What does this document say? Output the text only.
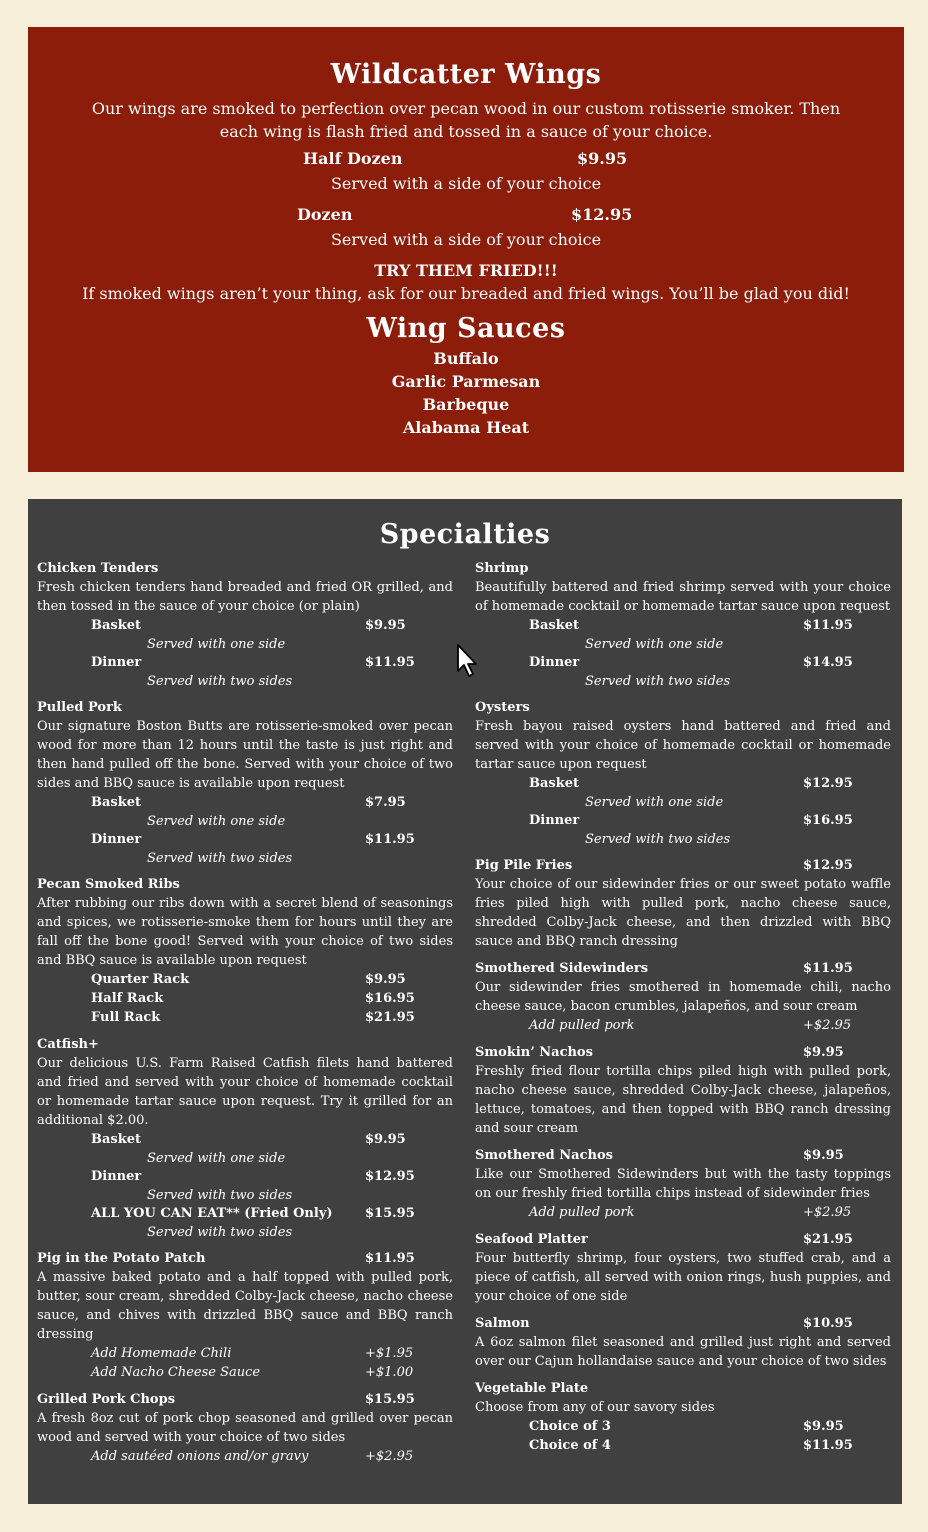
Wildcatter Wings
Our wings are smoked to perfection over pecan wood in our custom rotisserie smoker. Then each wing is flash fried and tossed in a sauce of your choice.
Half Dozen	$9.95
Served with a side of your choice
Dozen	$12.95
Served with a side of your choice
TRY THEM FRIED!!!
If smoked wings aren’t your thing, ask for our breaded and fried wings. You’ll be glad you did!
Wing Sauces
Buffalo
Garlic Parmesan
Barbeque
Alabama Heat
Specialties
Chicken Tenders
Fresh chicken tenders hand breaded and fried OR grilled, and then tossed in the sauce of your choice (or plain)
Basket	$9.95
Served with one side
Dinner	$11.95
Served with two sides
Pulled Pork
Our signature Boston Butts are rotisserie-smoked over pecan wood for more than 12 hours until the taste is just right and then hand pulled off the bone. Served with your choice of two sides and BBQ sauce is available upon request
Basket	$7.95
Served with one side
Dinner	$11.95
Served with two sides
Pecan Smoked Ribs
After rubbing our ribs down with a secret blend of seasonings and spices, we rotisserie-smoke them for hours until they are fall off the bone good! Served with your choice of two sides and BBQ sauce is available upon request
Quarter Rack	$9.95
Half Rack	$16.95
Full Rack	$21.95
Catfish+
Our delicious U.S. Farm Raised Catfish filets hand battered and fried and served with your choice of homemade cocktail or homemade tartar sauce upon request. Try it grilled for an additional $2.00.
Basket	$9.95
Served with one side
Dinner	$12.95
Served with two sides
ALL YOU CAN EAT** (Fried Only) $15.95
Served with two sides
Pig in the Potato Patch	$11.95
A massive baked potato and a half topped with pulled pork, butter, sour cream, shredded Colby-Jack cheese, nacho cheese sauce, and chives with drizzled BBQ sauce and BBQ ranch dressing
Add Homemade Chili	+$1.95
Add Nacho Cheese Sauce	+$1.00
Grilled Pork Chops	$15.95
A fresh 8oz cut of pork chop seasoned and grilled over pecan wood and served with your choice of two sides
Add sautéed onions and/or gravy	+$2.95
Shrimp
Beautifully battered and fried shrimp served with your choice of homemade cocktail or homemade tartar sauce upon request
Basket	$11.95
Served with one side
Dinner	$14.95
Served with two sides
Oysters
Fresh bayou raised oysters hand battered and fried and served with your choice of homemade cocktail or homemade tartar sauce upon request
Basket	$12.95
Served with one side
Dinner	$16.95
Served with two sides
Pig Pile Fries	$12.95
Your choice of our sidewinder fries or our sweet potato waffle fries piled high with pulled pork, nacho cheese sauce, shredded Colby-Jack cheese, and then drizzled with BBQ sauce and BBQ ranch dressing
Smothered Sidewinders	$11.95
Our sidewinder fries smothered in homemade chili, nacho cheese sauce, bacon crumbles, jalapeños, and sour cream
Add pulled pork	+$2.95
Smokin’ Nachos	$9.95
Freshly fried flour tortilla chips piled high with pulled pork, nacho cheese sauce, shredded Colby-Jack cheese, jalapeños, lettuce, tomatoes, and then topped with BBQ ranch dressing and sour cream
Smothered Nachos	$9.95
Like our Smothered Sidewinders but with the tasty toppings on our freshly fried tortilla chips instead of sidewinder fries
Add pulled pork	+$2.95
Seafood Platter	$21.95
Four butterfly shrimp, four oysters, two stuffed crab, and a piece of catfish, all served with onion rings, hush puppies, and your choice of one side
Salmon	$10.95
A 6oz salmon filet seasoned and grilled just right and served over our Cajun hollandaise sauce and your choice of two sides
Vegetable Plate
Choose from any of our savory sides
Choice of 3	$9.95
Choice of 4	$11.95
